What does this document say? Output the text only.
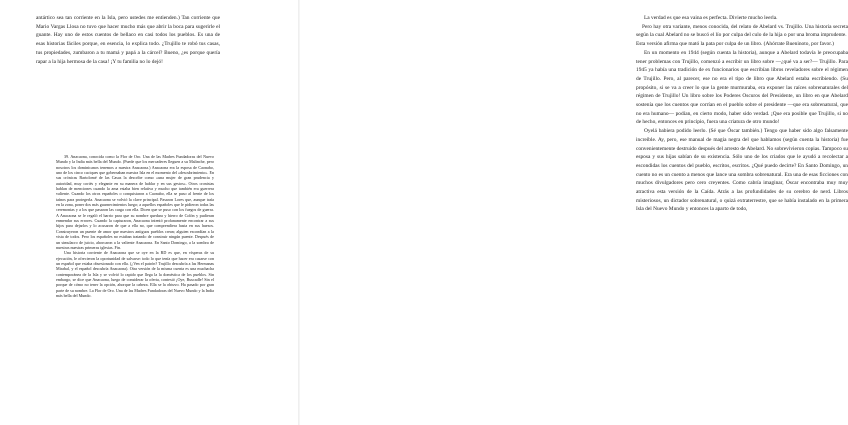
antártico sea tan corriente en la Isla, pero ustedes me entienden.) Tan corriente que Mario Vargas Llosa no tuvo que hacer mucho más que abrir la boca para sugerirle el guante. Hay uno de estos cuentos de bellaco en casi todos los pueblos. Es una de esas historias fáciles porque, en esencia, lo explica todo. ¿Trujillo te robó tus casas, tus propiedades, zumbaron a tu mamá y papá a la cárcel? Bueno, ¿es porque quería rapar a la hija hermosa de la casa! ¡Y tu familia no lo dejó!

39. Anacaona, conocida como la Flor de Oro. Una de las Madres Fundadoras del Nuevo Mundo y la India más bella del Mundo. (Puede que los mercaderes lleguen a su Malinche, pero nosotros los dominicanos tenemos a nuestra Anacaona.) Anacaona era la esposa de Caonabo, uno de los cinco caciques que gobernaban nuestra Isla en el momento del «descubrimiento». En sus crónicas Bartolomé de las Casas la describe como «una mujer de gran prudencia y autoridad, muy cortés y elegante en su manera de hablar y en sus gestos». Otros cronistas hablan de menciones cuando la ama estaba bien relativa y mucho que también era guerrera valiente. Cuando los otros españoles o conquistaron a Caonabo, ella se puso al frente de los taínos para protegerla. Anacaona se volvió la clave principal. Pasaron Lores que, aunque traía en la zona, poner dos más guarnecimientos luego; a aquellos españoles que le pidieron todas las ceremonias y a los que pasaron las carga con ella. Dicen que se puso con los fuegos de guerra. A Anacaona se le regaló el barrio para que su nombre quedara y hierro de Colón y pudieran enmendar sus errores. Cuando la capturaron, Anacaona intentó profanamente encontrar a sus hijos para dejarlos y lo acusaron de que a ella no, que comprendiera hasta en sus huesos. Construyeron un puente de amor que nuestros antiguos pueblos crean; alguien escondían a la vista de todos. Pero los españoles no estaban tratando de construir ningún puente. Después de un simulacro de juicio, ahorcaron a la valiente Anacaona. En Santo Domingo, a la sombra de nuestras nuestras primeras iglesias. Fin.

Una historia corriente de Anacaona que se oye en la RD es que, en vísperas de su ejecución, le ofrecieron la oportunidad de salvarse: todo lo que tenía que hacer era casarse con un español que estaba obsesionado con ella. (¿Ven el patrón? Trujillo descubría a las Hermanas Mirabal, y el español descubría Anacaona). Otra versión de la misma cuenta es una muchacha contemporánea de la Isla y se volvió lo rapido que llega la la doméstica de los pueblos. Sin embargo, se dice que Anacaona, luego de considerar la oferta, contestó ¡Oye, Buscadle! Sin el porque de cómo no tener la opción, ahorque la cabeza. Ella se la obtuvo. Ha pasado por gran parte de su nombre. La Flor de Oro. Una de las Madres Fundadoras del Nuevo Mundo y la India más bella del Mundo.

La verdad es que esa vaina es perfecta. Divierte mucho leerla.

Pero hay otra variante, menos conocida, del relato de Abelard vs. Trujillo. Una historia secreta según la cual Abelard no se buscó el lío por culpa del culo de la hija o por una broma imprudente.

Esta versión afirma que mató la pata por culpa de un libro. (Ahórrate Bueninoto, por favor.)

En un momento en 1944 (según cuenta la historia), aunque a Abelard todavía le preocupaba tener problemas con Trujillo, comenzó a escribir un libro sobre —¿qué va a ser?— Trujillo. Para 1945 ya había una tradición de ex funcionarios que escribían libros reveladores sobre el régimen de Trujillo. Pero, al parecer, ese no era el tipo de libro que Abelard estaba escribiendo. (Su propósito, si se va a creer lo que la gente murmuraba, era exponer las raíces sobrenaturales del régimen de Trujillo! Un libro sobre los Poderes Oscuros del Presidente, un libro en que Abelard sostenía que los cuentos que corrían en el pueblo sobre el presidente —que era sobrenatural, que no era humano— podían, en cierto modo, haber sido verdad. ¡Que era posible que Trujillo, si no de hecho, entonces en principio, fuera una criatura de otro mundo!

Oyelá babiera podido leerlo. (Sé que Óscar también.) Tengo que haber sido algo falsamente increíble. Ay, pero, ese manual de magia negra del que hablamos (según cuenta la historia) fue convenientemente destruido después del arresto de Abelard. No sobrevivieron copias. Tampoco su esposa y sus hijas sabían de su existencia. Sólo uno de los criados que le ayudó a recolectar a escondidas los cuentos del pueblo, escritos, escritos. ¿Qué puedo decirte? En Santo Domingo, un cuento no es un cuento a menos que lance una sombra sobrenatural. Era una de esas ficciones con muchos divulgadores pero cero creyentes. Como cabría imaginar, Óscar encontraba muy muy atractiva esta versión de la Caída. Atrás a las profundidades de su cerebro de nerd. Libros misteriosos, un dictador sobrenatural, o quizá extraterrestre, que se había instalado en la primera Isla del Nuevo Mundo y entonces la aparto de todo,
